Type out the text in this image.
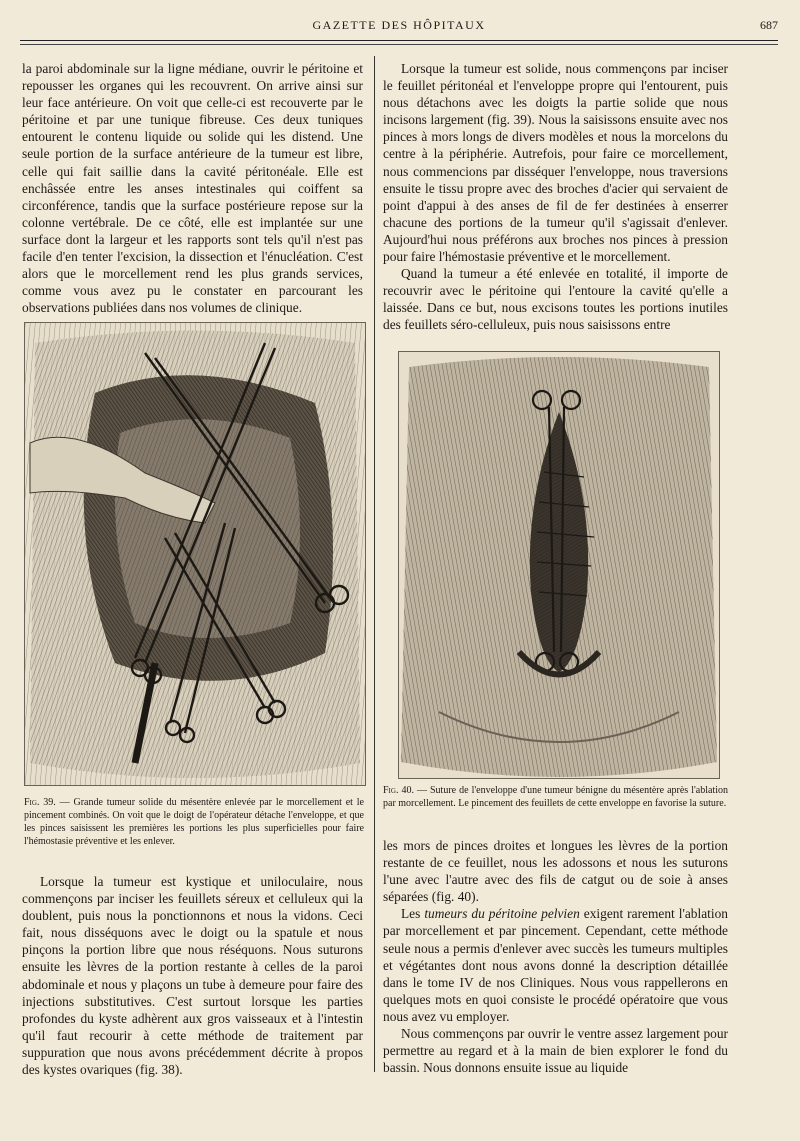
GAZETTE DES HÔPITAUX	687

la paroi abdominale sur la ligne médiane, ouvrir le péritoine et repousser les organes qui les recouvrent. On arrive ainsi sur leur face antérieure. On voit que celle-ci est recouverte par le péritoine et par une tunique fibreuse. Ces deux tuniques entourent le contenu liquide ou solide qui les distend. Une seule portion de la surface antérieure de la tumeur est libre, celle qui fait saillie dans la cavité péritonéale. Elle est enchâssée entre les anses intestinales qui coiffent sa circonférence, tandis que la surface postérieure repose sur la colonne vertébrale. De ce côté, elle est implantée sur une surface dont la largeur et les rapports sont tels qu'il n'est pas facile d'en tenter l'excision, la dissection et l'énucléation. C'est alors que le morcellement rend les plus grands services, comme vous avez pu le constater en parcourant les observations publiées dans nos volumes de clinique.

Fig. 39. — Grande tumeur solide du mésentère enlevée par le morcellement et le pincement combinés. On voit que le doigt de l'opérateur détache l'enveloppe, et que les pinces saisissent les premières les portions les plus superficielles pour faire l'hémostasie préventive et les enlever.

Lorsque la tumeur est kystique et uniloculaire, nous commençons par inciser les feuillets séreux et celluleux qui la doublent, puis nous la ponctionnons et nous la vidons. Ceci fait, nous disséquons avec le doigt ou la spatule et nous pinçons la portion libre que nous réséquons. Nous suturons ensuite les lèvres de la portion restante à celles de la paroi abdominale et nous y plaçons un tube à demeure pour faire des injections substitutives. C'est surtout lorsque les parties profondes du kyste adhèrent aux gros vaisseaux et à l'intestin qu'il faut recourir à cette méthode de traitement par suppuration que nous avons précédemment décrite à propos des kystes ovariques (fig. 38).

Lorsque la tumeur est solide, nous commençons par inciser le feuillet péritonéal et l'enveloppe propre qui l'entourent, puis nous détachons avec les doigts la partie solide que nous incisons largement (fig. 39). Nous la saisissons ensuite avec nos pinces à mors longs de divers modèles et nous la morcelons du centre à la périphérie. Autrefois, pour faire ce morcellement, nous commencions par disséquer l'enveloppe, nous traversions ensuite le tissu propre avec des broches d'acier qui servaient de point d'appui à des anses de fil de fer destinées à enserrer chacune des portions de la tumeur qu'il s'agissait d'enlever. Aujourd'hui nous préférons aux broches nos pinces à pression pour faire l'hémostasie préventive et le morcellement.

Quand la tumeur a été enlevée en totalité, il importe de recouvrir avec le péritoine qui l'entoure la cavité qu'elle a laissée. Dans ce but, nous excisons toutes les portions inutiles des feuillets séro-celluleux, puis nous saisissons entre

Fig. 40. — Suture de l'enveloppe d'une tumeur bénigne du mésentère après l'ablation par morcellement. Le pincement des feuillets de cette enveloppe en favorise la suture.

les mors de pinces droites et longues les lèvres de la portion restante de ce feuillet, nous les adossons et nous les suturons l'une avec l'autre avec des fils de catgut ou de soie à anses séparées (fig. 40).

Les tumeurs du péritoine pelvien exigent rarement l'ablation par morcellement et par pincement. Cependant, cette méthode seule nous a permis d'enlever avec succès les tumeurs multiples et végétantes dont nous avons donné la description détaillée dans le tome IV de nos Cliniques. Nous vous rappellerons en quelques mots en quoi consiste le procédé opératoire que vous nous avez vu employer.

Nous commençons par ouvrir le ventre assez largement pour permettre au regard et à la main de bien explorer le fond du bassin. Nous donnons ensuite issue au liquide
